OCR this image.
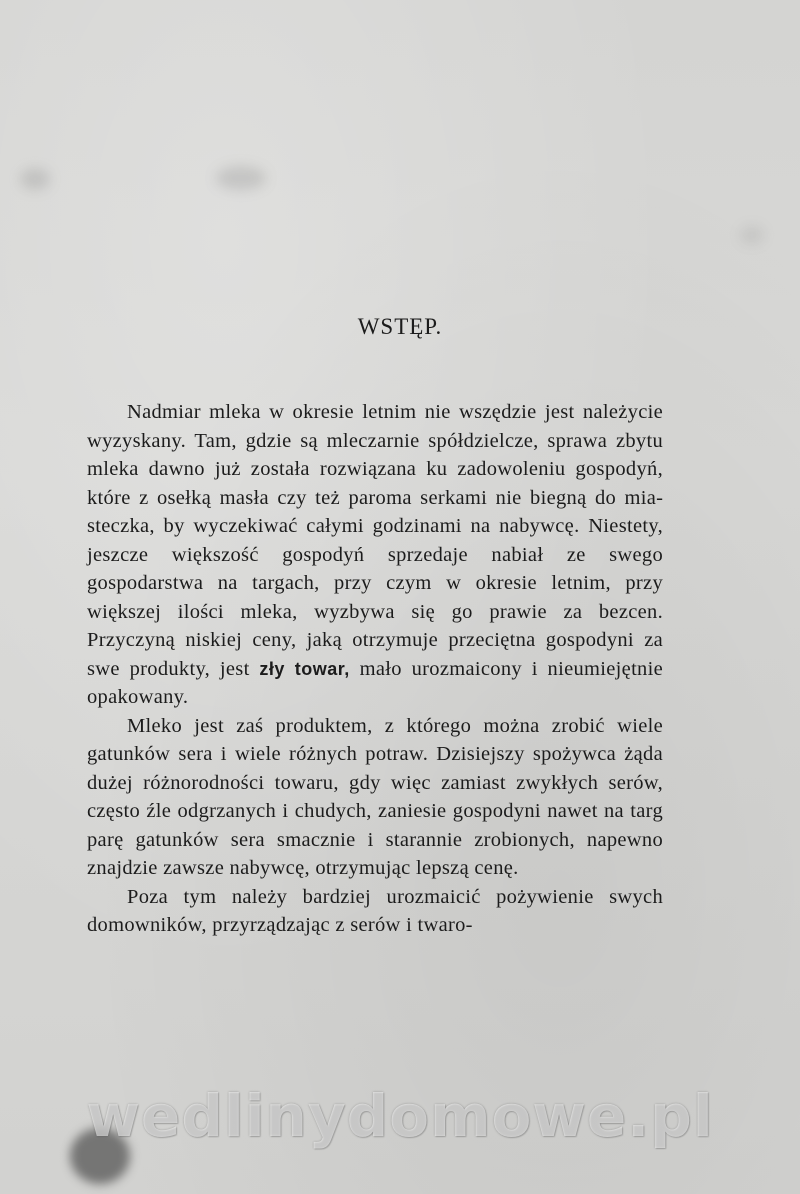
WSTĘP.

Nadmiar mleka w okresie letnim nie wszędzie jest należycie wyzyskany. Tam, gdzie są mleczarnie spółdzielcze, sprawa zbytu mleka dawno już została rozwiązana ku zadowoleniu gospodyń, które z osełką masła czy też paroma serkami nie biegną do miasteczka, by wyczekiwać całymi godzinami na nabywcę. Niestety, jeszcze większość gospodyń sprzedaje nabiał ze swego gospodarstwa na targach, przy czym w okresie letnim, przy większej ilości mleka, wyzbywa się go prawie za bezcen. Przyczyną niskiej ceny, jaką otrzymuje przeciętna gospodyni za swe produkty, jest zły towar, mało urozmaicony i nieumiejętnie opakowany.

Mleko jest zaś produktem, z którego można zrobić wiele gatunków sera i wiele różnych potraw. Dzisiejszy spożywca żąda dużej różnorodności towaru, gdy więc zamiast zwykłych serów, często źle odgrzanych i chudych, zaniesie gospodyni nawet na targ parę gatunków sera smacznie i starannie zrobionych, napewno znajdzie zawsze nabywcę, otrzymując lepszą cenę.

Poza tym należy bardziej urozmaicić pożywienie swych domowników, przyrządzając z serów i twaro-

wedlinydomowe.pl
